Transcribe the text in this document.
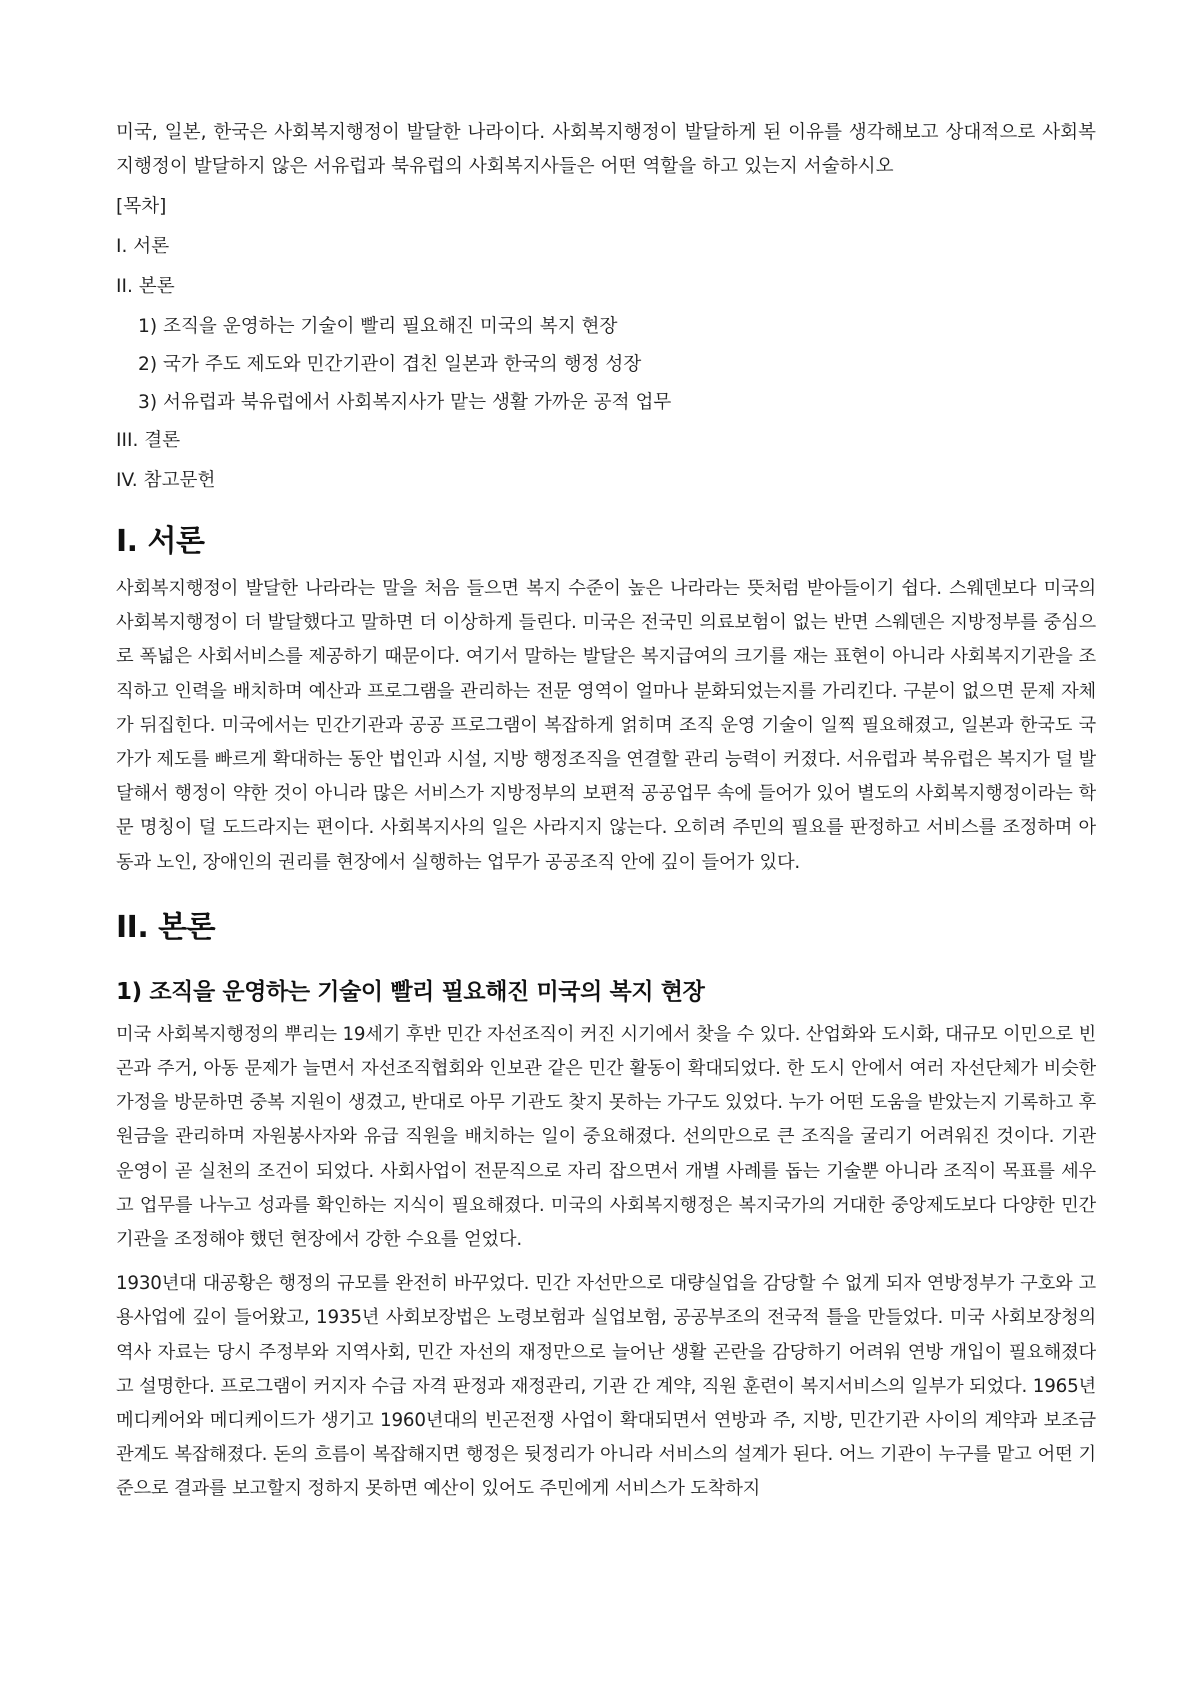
미국, 일본, 한국은 사회복지행정이 발달한 나라이다. 사회복지행정이 발달하게 된 이유를 생각해보고 상대적으로 사회복지행정이 발달하지 않은 서유럽과 북유럽의 사회복지사들은 어떤 역할을 하고 있는지 서술하시오

[목차]

I. 서론
II. 본론
1) 조직을 운영하는 기술이 빨리 필요해진 미국의 복지 현장
2) 국가 주도 제도와 민간기관이 겹친 일본과 한국의 행정 성장
3) 서유럽과 북유럽에서 사회복지사가 맡는 생활 가까운 공적 업무
III. 결론
IV. 참고문헌
I. 서론

사회복지행정이 발달한 나라라는 말을 처음 들으면 복지 수준이 높은 나라라는 뜻처럼 받아들이기 쉽다. 스웨덴보다 미국의 사회복지행정이 더 발달했다고 말하면 더 이상하게 들린다. 미국은 전국민 의료보험이 없는 반면 스웨덴은 지방정부를 중심으로 폭넓은 사회서비스를 제공하기 때문이다. 여기서 말하는 발달은 복지급여의 크기를 재는 표현이 아니라 사회복지기관을 조직하고 인력을 배치하며 예산과 프로그램을 관리하는 전문 영역이 얼마나 분화되었는지를 가리킨다. 구분이 없으면 문제 자체가 뒤집힌다. 미국에서는 민간기관과 공공 프로그램이 복잡하게 얽히며 조직 운영 기술이 일찍 필요해졌고, 일본과 한국도 국가가 제도를 빠르게 확대하는 동안 법인과 시설, 지방 행정조직을 연결할 관리 능력이 커졌다. 서유럽과 북유럽은 복지가 덜 발달해서 행정이 약한 것이 아니라 많은 서비스가 지방정부의 보편적 공공업무 속에 들어가 있어 별도의 사회복지행정이라는 학문 명칭이 덜 도드라지는 편이다. 사회복지사의 일은 사라지지 않는다. 오히려 주민의 필요를 판정하고 서비스를 조정하며 아동과 노인, 장애인의 권리를 현장에서 실행하는 업무가 공공조직 안에 깊이 들어가 있다.

II. 본론
1) 조직을 운영하는 기술이 빨리 필요해진 미국의 복지 현장

미국 사회복지행정의 뿌리는 19세기 후반 민간 자선조직이 커진 시기에서 찾을 수 있다. 산업화와 도시화, 대규모 이민으로 빈곤과 주거, 아동 문제가 늘면서 자선조직협회와 인보관 같은 민간 활동이 확대되었다. 한 도시 안에서 여러 자선단체가 비슷한 가정을 방문하면 중복 지원이 생겼고, 반대로 아무 기관도 찾지 못하는 가구도 있었다. 누가 어떤 도움을 받았는지 기록하고 후원금을 관리하며 자원봉사자와 유급 직원을 배치하는 일이 중요해졌다. 선의만으로 큰 조직을 굴리기 어려워진 것이다. 기관 운영이 곧 실천의 조건이 되었다. 사회사업이 전문직으로 자리 잡으면서 개별 사례를 돕는 기술뿐 아니라 조직이 목표를 세우고 업무를 나누고 성과를 확인하는 지식이 필요해졌다. 미국의 사회복지행정은 복지국가의 거대한 중앙제도보다 다양한 민간기관을 조정해야 했던 현장에서 강한 수요를 얻었다.

1930년대 대공황은 행정의 규모를 완전히 바꾸었다. 민간 자선만으로 대량실업을 감당할 수 없게 되자 연방정부가 구호와 고용사업에 깊이 들어왔고, 1935년 사회보장법은 노령보험과 실업보험, 공공부조의 전국적 틀을 만들었다. 미국 사회보장청의 역사 자료는 당시 주정부와 지역사회, 민간 자선의 재정만으로 늘어난 생활 곤란을 감당하기 어려워 연방 개입이 필요해졌다고 설명한다. 프로그램이 커지자 수급 자격 판정과 재정관리, 기관 간 계약, 직원 훈련이 복지서비스의 일부가 되었다. 1965년 메디케어와 메디케이드가 생기고 1960년대의 빈곤전쟁 사업이 확대되면서 연방과 주, 지방, 민간기관 사이의 계약과 보조금 관계도 복잡해졌다. 돈의 흐름이 복잡해지면 행정은 뒷정리가 아니라 서비스의 설계가 된다. 어느 기관이 누구를 맡고 어떤 기준으로 결과를 보고할지 정하지 못하면 예산이 있어도 주민에게 서비스가 도착하지
